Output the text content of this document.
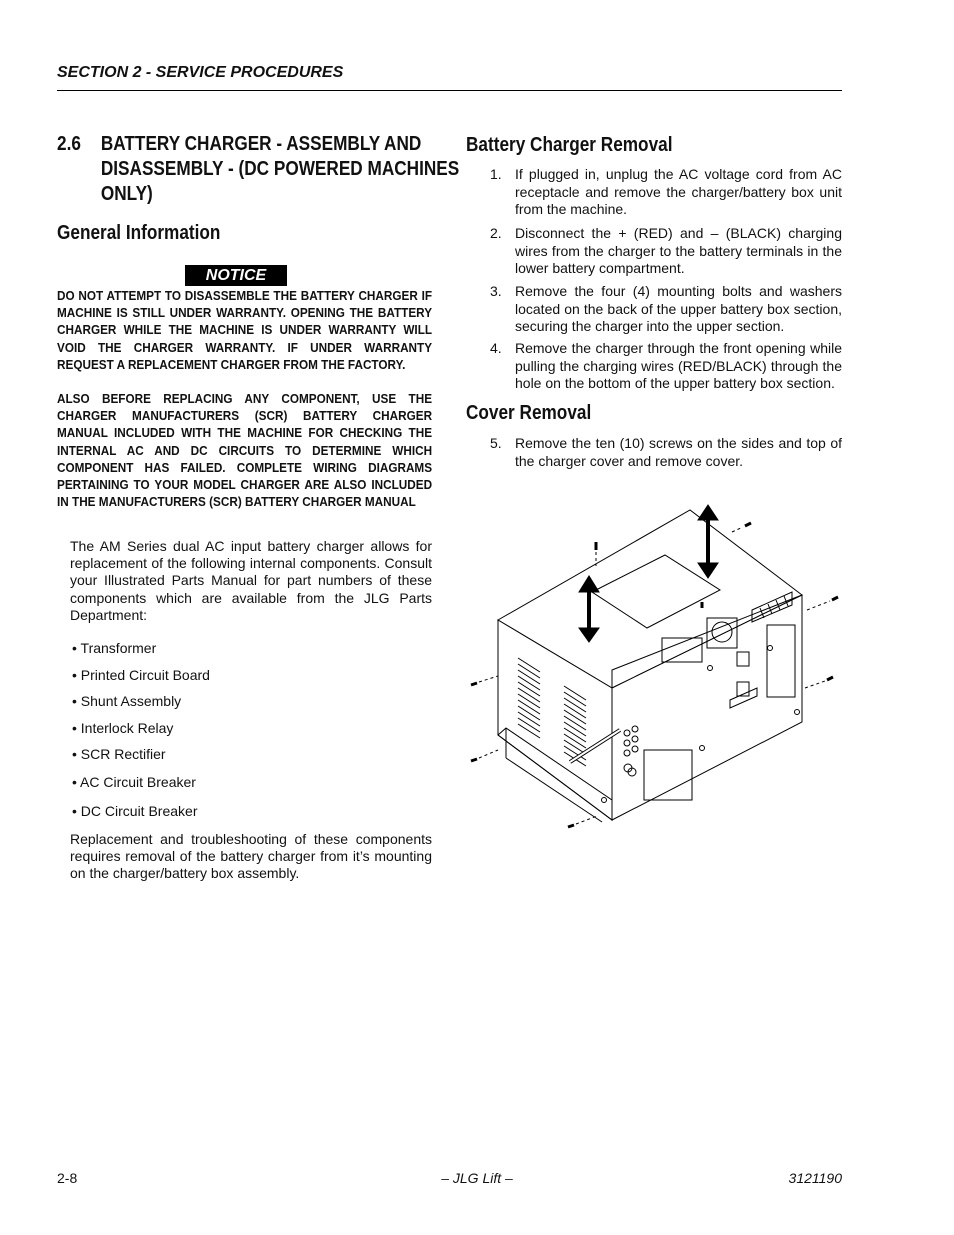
SECTION 2 - SERVICE PROCEDURES
2.6 BATTERY CHARGER - ASSEMBLY AND DISASSEMBLY - (DC POWERED MACHINES ONLY)
General Information
NOTICE
DO NOT ATTEMPT TO DISASSEMBLE THE BATTERY CHARGER IF MACHINE IS STILL UNDER WARRANTY. OPENING THE BATTERY CHARGER WHILE THE MACHINE IS UNDER WARRANTY WILL VOID THE CHARGER WARRANTY. IF UNDER WARRANTY REQUEST A REPLACEMENT CHARGER FROM THE FACTORY.
ALSO BEFORE REPLACING ANY COMPONENT, USE THE CHARGER MANUFACTURERS (SCR) BATTERY CHARGER MANUAL INCLUDED WITH THE MACHINE FOR CHECKING THE INTERNAL AC AND DC CIRCUITS TO DETERMINE WHICH COMPONENT HAS FAILED. COMPLETE WIRING DIAGRAMS PERTAINING TO YOUR MODEL CHARGER ARE ALSO INCLUDED IN THE MANUFACTURERS (SCR) BATTERY CHARGER MANUAL
The AM Series dual AC input battery charger allows for replacement of the following internal components. Consult your Illustrated Parts Manual for part numbers of these components which are available from the JLG Parts Department:
• Transformer
• Printed Circuit Board
• Shunt Assembly
• Interlock Relay
• SCR Rectifier
• AC Circuit Breaker
• DC Circuit Breaker
Replacement and troubleshooting of these components requires removal of the battery charger from it’s mounting on the charger/battery box assembly.
Battery Charger Removal
1. If plugged in, unplug the AC voltage cord from AC receptacle and remove the charger/battery box unit from the machine.
2. Disconnect the + (RED) and – (BLACK) charging wires from the charger to the battery terminals in the lower battery compartment.
3. Remove the four (4) mounting bolts and washers located on the back of the upper battery box section, securing the charger into the upper section.
4. Remove the charger through the front opening while pulling the charging wires (RED/BLACK) through the hole on the bottom of the upper battery box section.
Cover Removal
5. Remove the ten (10) screws on the sides and top of the charger cover and remove cover.
2-8	– JLG Lift –	3121190
